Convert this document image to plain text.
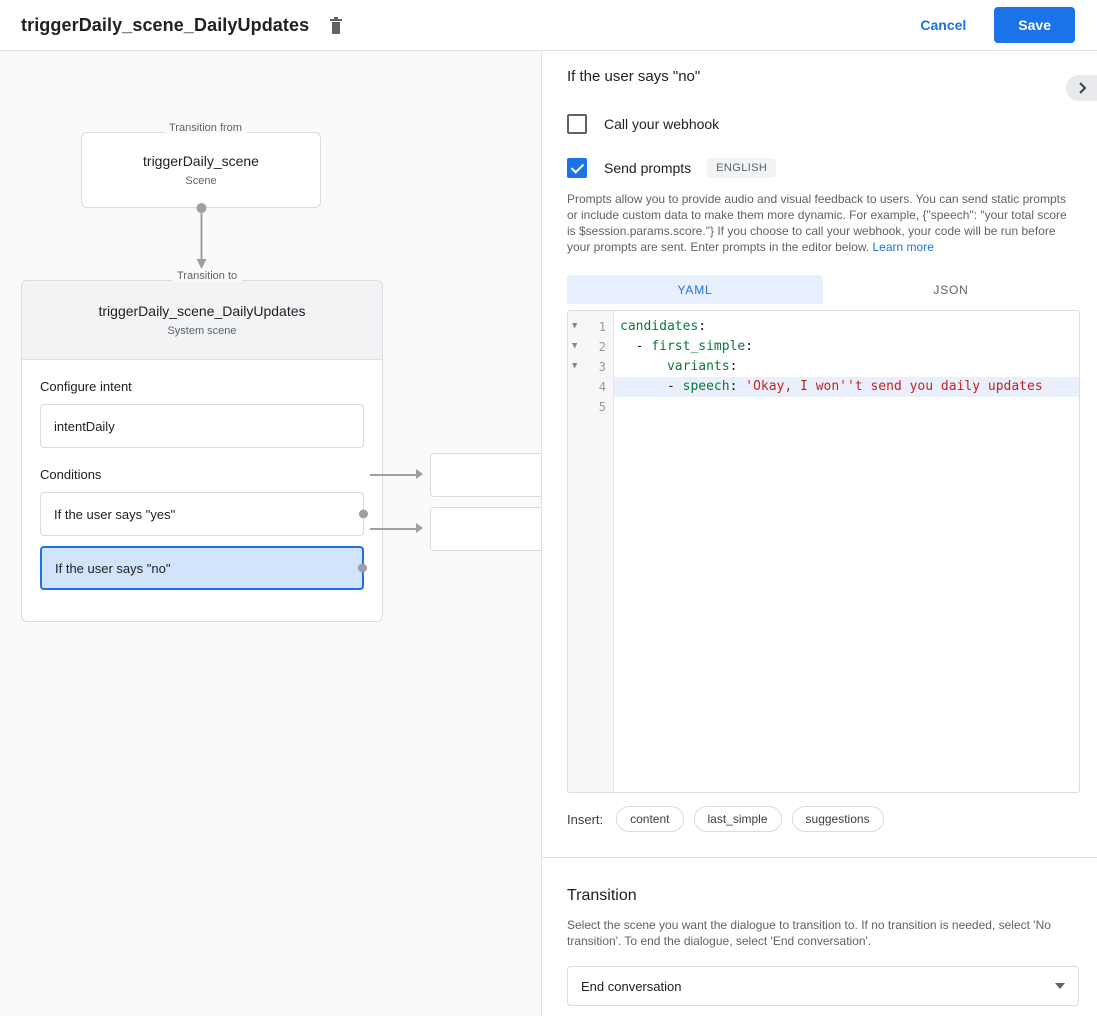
triggerDaily_scene_DailyUpdates	Cancel	Save
Transition from
triggerDaily_scene
Scene
Transition to
triggerDaily_scene_DailyUpdates
System scene
Configure intent
intentDaily
Conditions
If the user says "yes"
If the user says "no"
If the user says "no"
Call your webhook
Send prompts	ENGLISH
Prompts allow you to provide audio and visual feedback to users. You can send static prompts or include custom data to make them more dynamic. For example, {"speech": "your total score is $session.params.score."} If you choose to call your webhook, your code will be run before your prompts are sent. Enter prompts in the editor below. Learn more
YAML	JSON
▼ 1
▼ 2
▼ 3
4
5
candidates:
- first_simple:
variants:
- speech: 'Okay, I won''t send you daily updates
Insert:	content	last_simple	suggestions
Transition
Select the scene you want the dialogue to transition to. If no transition is needed, select 'No transition'. To end the dialogue, select 'End conversation'.
End conversation
